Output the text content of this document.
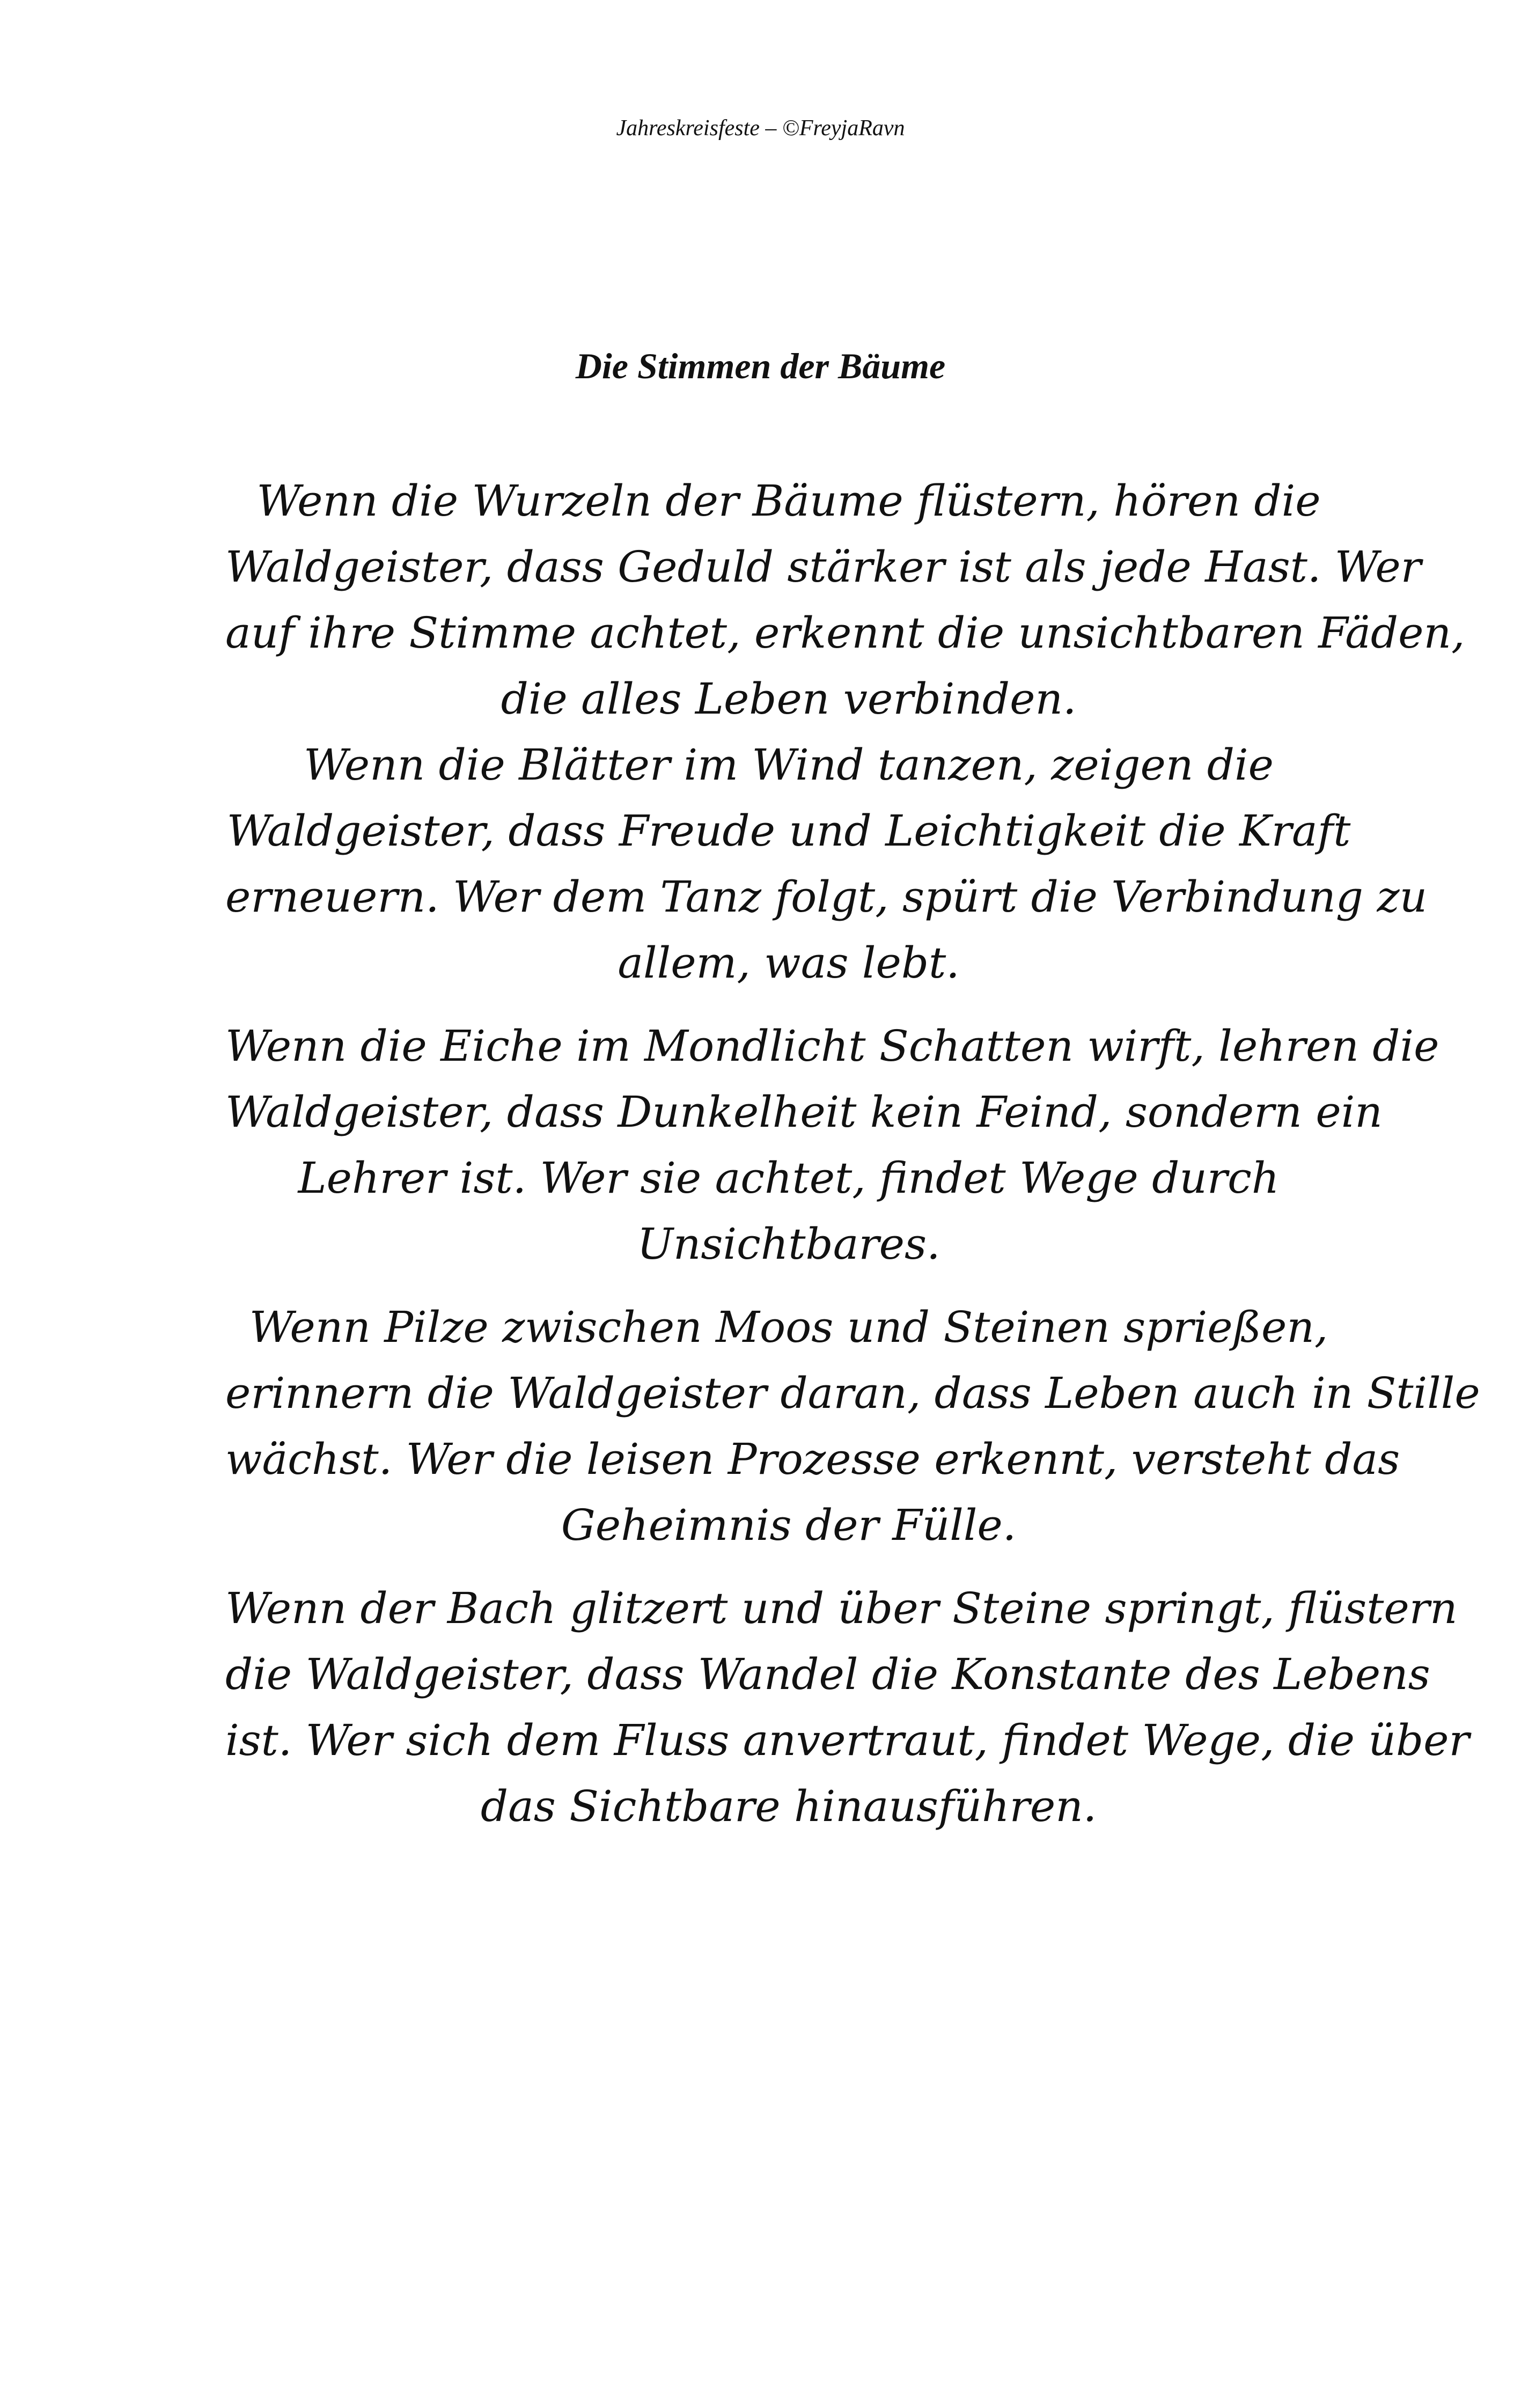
Jahreskreisfeste – ©FreyjaRavn
Die Stimmen der Bäume
Wenn die Wurzeln der Bäume flüstern, hören die
Waldgeister, dass Geduld stärker ist als jede Hast. Wer
auf ihre Stimme achtet, erkennt die unsichtbaren Fäden,
die alles Leben verbinden.
Wenn die Blätter im Wind tanzen, zeigen die
Waldgeister, dass Freude und Leichtigkeit die Kraft
erneuern. Wer dem Tanz folgt, spürt die Verbindung zu
allem, was lebt.
Wenn die Eiche im Mondlicht Schatten wirft, lehren die
Waldgeister, dass Dunkelheit kein Feind, sondern ein
Lehrer ist. Wer sie achtet, findet Wege durch
Unsichtbares.
Wenn Pilze zwischen Moos und Steinen sprießen,
erinnern die Waldgeister daran, dass Leben auch in Stille
wächst. Wer die leisen Prozesse erkennt, versteht das
Geheimnis der Fülle.
Wenn der Bach glitzert und über Steine springt, flüstern
die Waldgeister, dass Wandel die Konstante des Lebens
ist. Wer sich dem Fluss anvertraut, findet Wege, die über
das Sichtbare hinausführen.
